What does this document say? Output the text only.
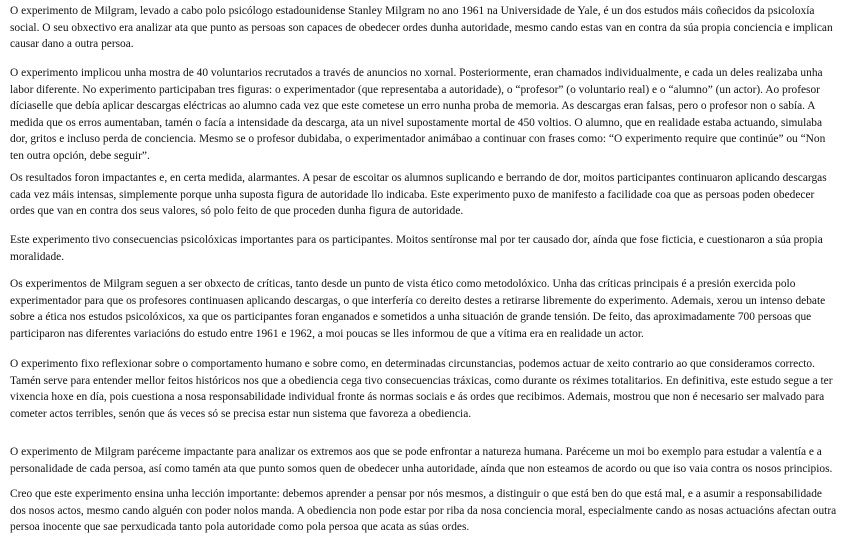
O experimento de Milgram, levado a cabo polo psicólogo estadounidense Stanley Milgram no ano 1961 na Universidade de Yale, é un dos estudos máis coñecidos da psicoloxía social. O seu obxectivo era analizar ata que punto as persoas son capaces de obedecer ordes dunha autoridade, mesmo cando estas van en contra da súa propia conciencia e implican causar dano a outra persoa.

O experimento implicou unha mostra de 40 voluntarios recrutados a través de anuncios no xornal. Posteriormente, eran chamados individualmente, e cada un deles realizaba unha labor diferente. No experimento participaban tres figuras: o experimentador (que representaba a autoridade), o “profesor” (o voluntario real) e o “alumno” (un actor). Ao profesor díciaselle que debía aplicar descargas eléctricas ao alumno cada vez que este cometese un erro nunha proba de memoria. As descargas eran falsas, pero o profesor non o sabía. A medida que os erros aumentaban, tamén o facía a intensidade da descarga, ata un nivel supostamente mortal de 450 voltios. O alumno, que en realidade estaba actuando, simulaba dor, gritos e incluso perda de conciencia. Mesmo se o profesor dubidaba, o experimentador animábao a continuar con frases como: “O experimento require que continúe” ou “Non ten outra opción, debe seguir”.

Os resultados foron impactantes e, en certa medida, alarmantes. A pesar de escoitar os alumnos suplicando e berrando de dor, moitos participantes continuaron aplicando descargas cada vez máis intensas, simplemente porque unha suposta figura de autoridade llo indicaba. Este experimento puxo de manifesto a facilidade coa que as persoas poden obedecer ordes que van en contra dos seus valores, só polo feito de que proceden dunha figura de autoridade.

Este experimento tivo consecuencias psicolóxicas importantes para os participantes. Moitos sentíronse mal por ter causado dor, aínda que fose ficticia, e cuestionaron a súa propia moralidade.

Os experimentos de Milgram seguen a ser obxecto de críticas, tanto desde un punto de vista ético como metodolóxico. Unha das críticas principais é a presión exercida polo experimentador para que os profesores continuasen aplicando descargas, o que interfería co dereito destes a retirarse libremente do experimento. Ademais, xerou un intenso debate sobre a ética nos estudos psicolóxicos, xa que os participantes foran enganados e sometidos a unha situación de grande tensión. De feito, das aproximadamente 700 persoas que participaron nas diferentes variacións do estudo entre 1961 e 1962, a moi poucas se lles informou de que a vítima era en realidade un actor.

O experimento fixo reflexionar sobre o comportamento humano e sobre como, en determinadas circunstancias, podemos actuar de xeito contrario ao que consideramos correcto. Tamén serve para entender mellor feitos históricos nos que a obediencia cega tivo consecuencias tráxicas, como durante os réximes totalitarios. En definitiva, este estudo segue a ter vixencia hoxe en día, pois cuestiona a nosa responsabilidade individual fronte ás normas sociais e ás ordes que recibimos. Ademais, mostrou que non é necesario ser malvado para cometer actos terribles, senón que ás veces só se precisa estar nun sistema que favoreza a obediencia.

O experimento de Milgram paréceme impactante para analizar os extremos aos que se pode enfrontar a natureza humana. Paréceme un moi bo exemplo para estudar a valentía e a personalidade de cada persoa, así como tamén ata que punto somos quen de obedecer unha autoridade, aínda que non esteamos de acordo ou que iso vaia contra os nosos principios.

Creo que este experimento ensina unha lección importante: debemos aprender a pensar por nós mesmos, a distinguir o que está ben do que está mal, e a asumir a responsabilidade dos nosos actos, mesmo cando alguén con poder nolos manda. A obediencia non pode estar por riba da nosa conciencia moral, especialmente cando as nosas actuacións afectan outra persoa inocente que sae perxudicada tanto pola autoridade como pola persoa que acata as súas ordes.
